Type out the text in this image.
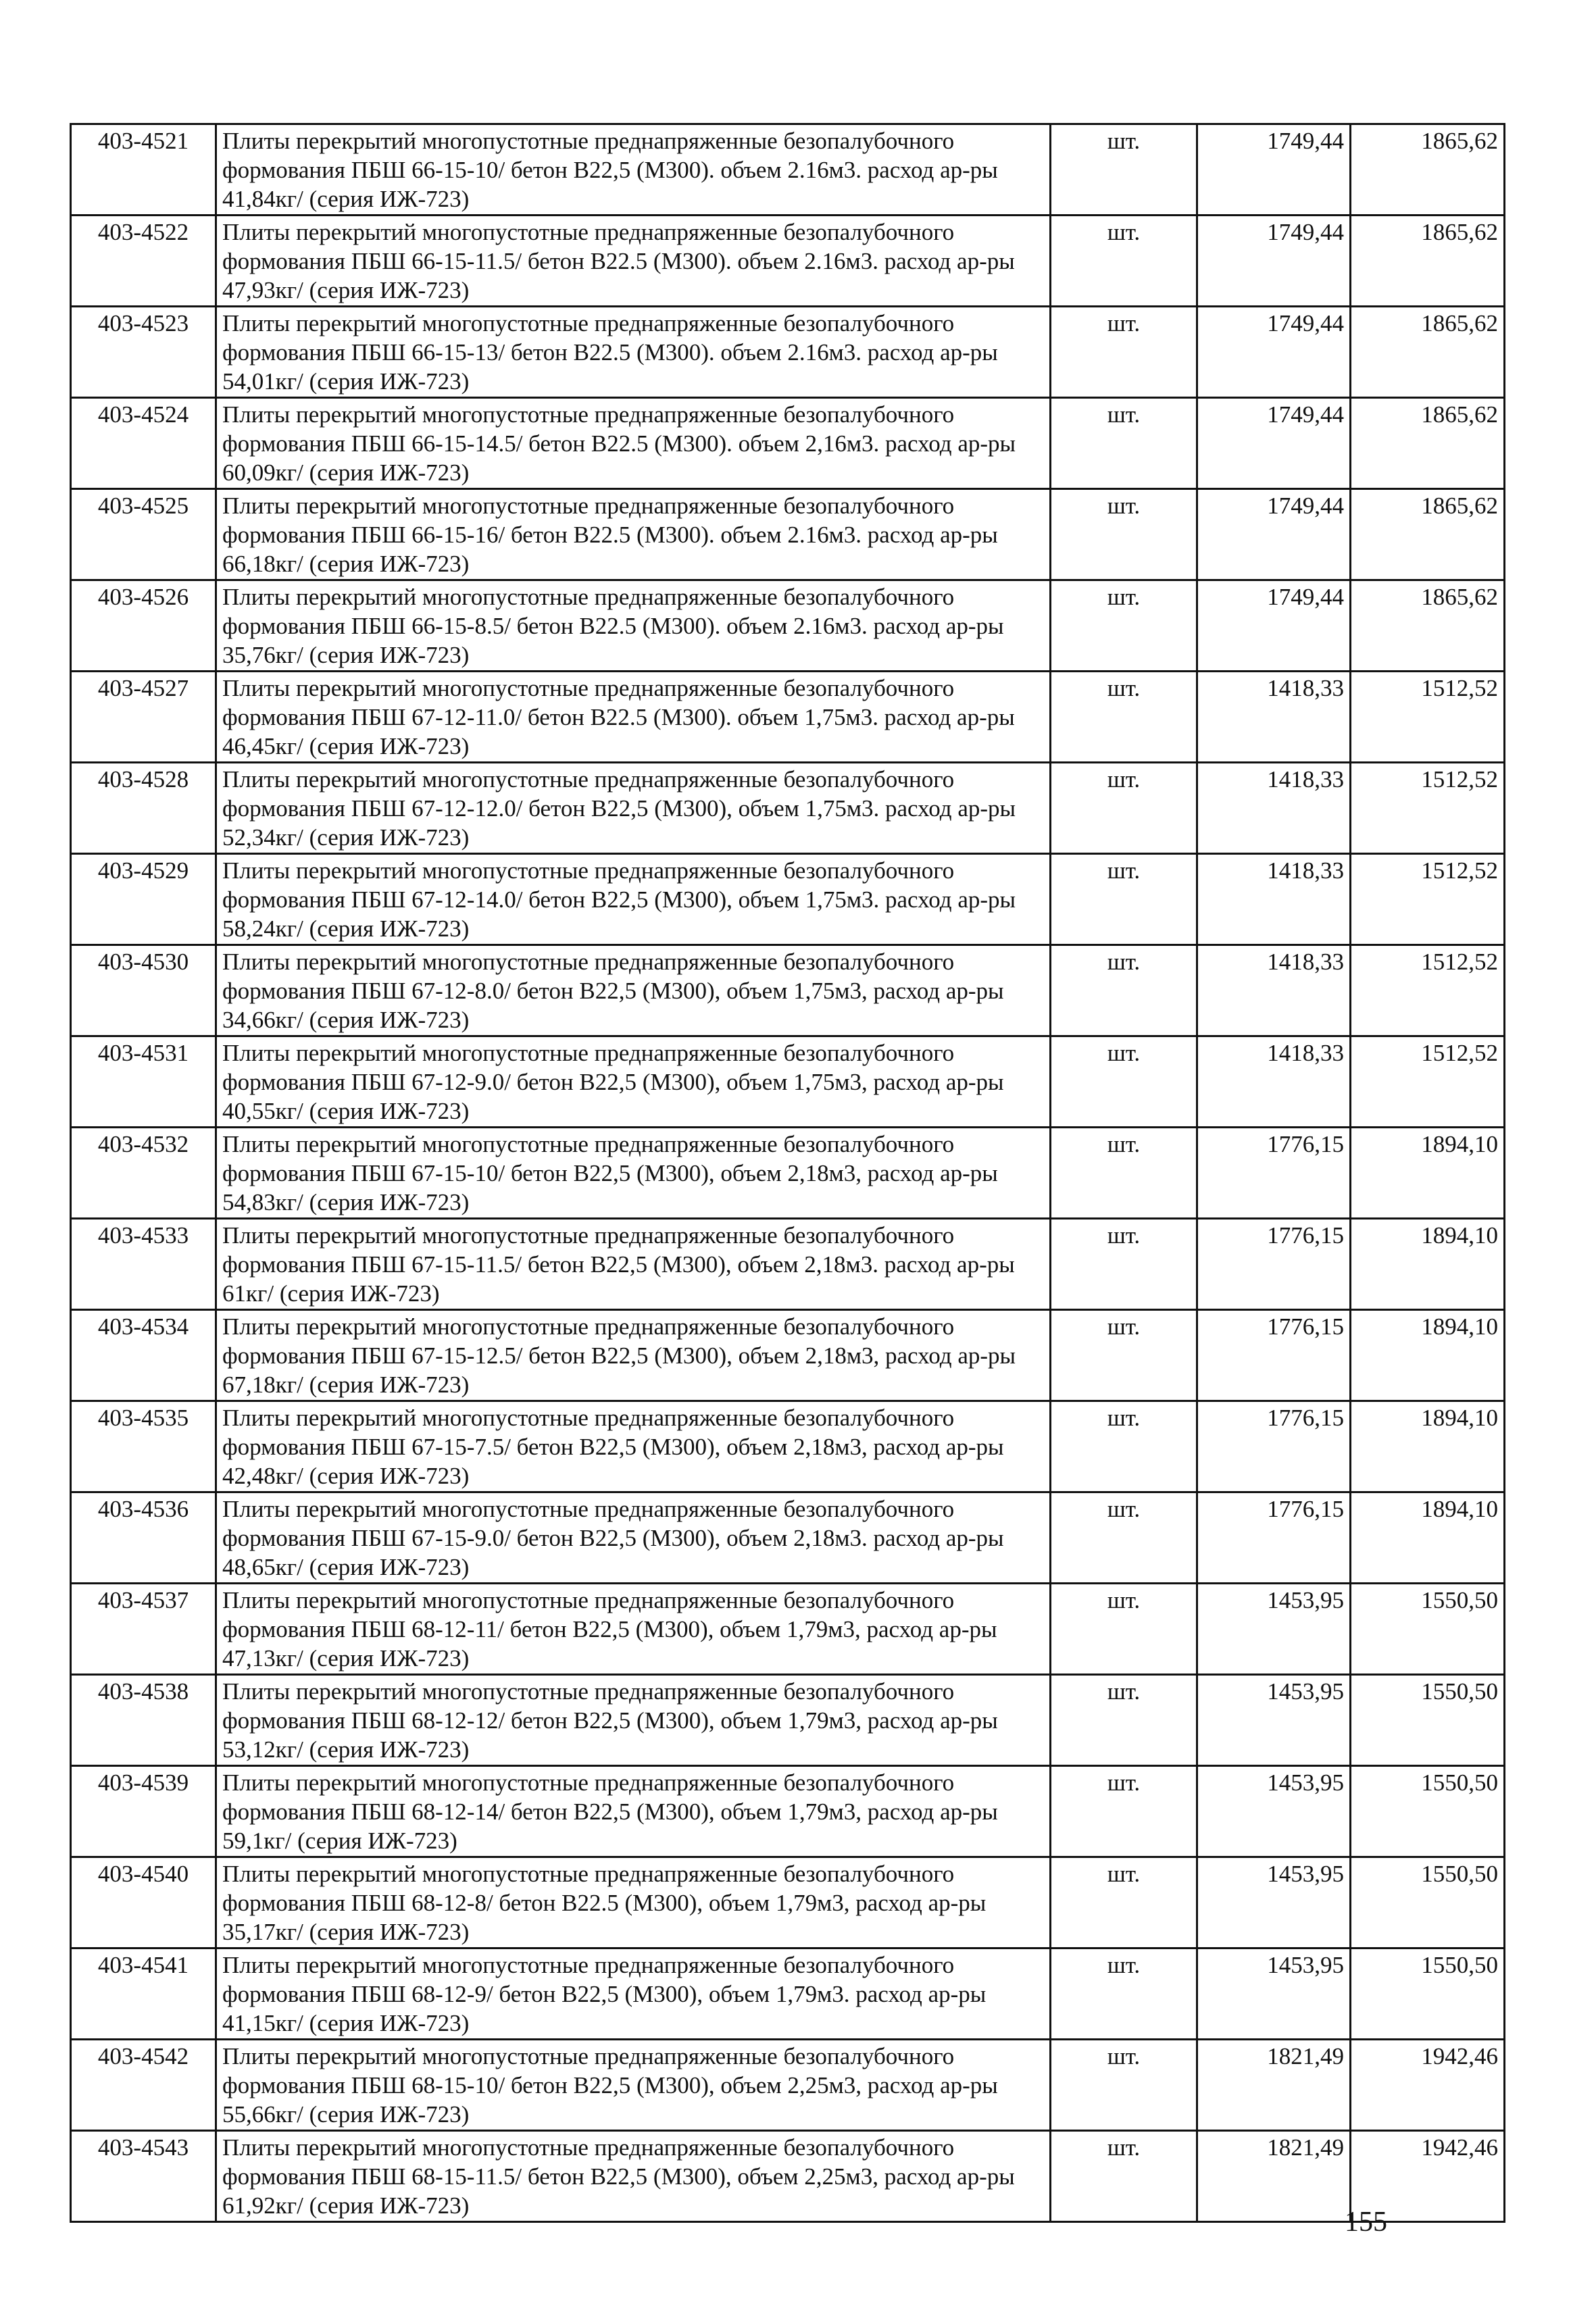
403-4521	Плиты перекрытий многопустотные преднапряженные безопалубочного формования ПБШ 66-15-10/ бетон В22,5 (М300). объем 2.16м3. расход ар-ры 41,84кг/ (серия ИЖ-723)	шт.	1749,44	1865,62
403-4522	Плиты перекрытий многопустотные преднапряженные безопалубочного формования ПБШ 66-15-11.5/ бетон В22.5 (М300). объем 2.16м3. расход ар-ры 47,93кг/ (серия ИЖ-723)	шт.	1749,44	1865,62
403-4523	Плиты перекрытий многопустотные преднапряженные безопалубочного формования ПБШ 66-15-13/ бетон В22.5 (М300). объем 2.16м3. расход ар-ры 54,01кг/ (серия ИЖ-723)	шт.	1749,44	1865,62
403-4524	Плиты перекрытий многопустотные преднапряженные безопалубочного формования ПБШ 66-15-14.5/ бетон В22.5 (М300). объем 2,16м3. расход ар-ры 60,09кг/ (серия ИЖ-723)	шт.	1749,44	1865,62
403-4525	Плиты перекрытий многопустотные преднапряженные безопалубочного формования ПБШ 66-15-16/ бетон В22.5 (М300). объем 2.16м3. расход ар-ры 66,18кг/ (серия ИЖ-723)	шт.	1749,44	1865,62
403-4526	Плиты перекрытий многопустотные преднапряженные безопалубочного формования ПБШ 66-15-8.5/ бетон В22.5 (М300). объем 2.16м3. расход ар-ры 35,76кг/ (серия ИЖ-723)	шт.	1749,44	1865,62
403-4527	Плиты перекрытий многопустотные преднапряженные безопалубочного формования ПБШ 67-12-11.0/ бетон В22.5 (М300). объем 1,75м3. расход ар-ры 46,45кг/ (серия ИЖ-723)	шт.	1418,33	1512,52
403-4528	Плиты перекрытий многопустотные преднапряженные безопалубочного формования ПБШ 67-12-12.0/ бетон В22,5 (М300), объем 1,75м3. расход ар-ры 52,34кг/ (серия ИЖ-723)	шт.	1418,33	1512,52
403-4529	Плиты перекрытий многопустотные преднапряженные безопалубочного формования ПБШ 67-12-14.0/ бетон В22,5 (М300), объем 1,75м3. расход ар-ры 58,24кг/ (серия ИЖ-723)	шт.	1418,33	1512,52
403-4530	Плиты перекрытий многопустотные преднапряженные безопалубочного формования ПБШ 67-12-8.0/ бетон В22,5 (М300), объем 1,75м3, расход ар-ры 34,66кг/ (серия ИЖ-723)	шт.	1418,33	1512,52
403-4531	Плиты перекрытий многопустотные преднапряженные безопалубочного формования ПБШ 67-12-9.0/ бетон В22,5 (М300), объем 1,75м3, расход ар-ры 40,55кг/ (серия ИЖ-723)	шт.	1418,33	1512,52
403-4532	Плиты перекрытий многопустотные преднапряженные безопалубочного формования ПБШ 67-15-10/ бетон В22,5 (М300), объем 2,18м3, расход ар-ры 54,83кг/ (серия ИЖ-723)	шт.	1776,15	1894,10
403-4533	Плиты перекрытий многопустотные преднапряженные безопалубочного формования ПБШ 67-15-11.5/ бетон В22,5 (М300), объем 2,18м3. расход ар-ры 61кг/ (серия ИЖ-723)	шт.	1776,15	1894,10
403-4534	Плиты перекрытий многопустотные преднапряженные безопалубочного формования ПБШ 67-15-12.5/ бетон В22,5 (М300), объем 2,18м3, расход ар-ры 67,18кг/ (серия ИЖ-723)	шт.	1776,15	1894,10
403-4535	Плиты перекрытий многопустотные преднапряженные безопалубочного формования ПБШ 67-15-7.5/ бетон В22,5 (М300), объем 2,18м3, расход ар-ры 42,48кг/ (серия ИЖ-723)	шт.	1776,15	1894,10
403-4536	Плиты перекрытий многопустотные преднапряженные безопалубочного формования ПБШ 67-15-9.0/ бетон В22,5 (М300), объем 2,18м3. расход ар-ры 48,65кг/ (серия ИЖ-723)	шт.	1776,15	1894,10
403-4537	Плиты перекрытий многопустотные преднапряженные безопалубочного формования ПБШ 68-12-11/ бетон В22,5 (М300), объем 1,79м3, расход ар-ры 47,13кг/ (серия ИЖ-723)	шт.	1453,95	1550,50
403-4538	Плиты перекрытий многопустотные преднапряженные безопалубочного формования ПБШ 68-12-12/ бетон В22,5 (М300), объем 1,79м3, расход ар-ры 53,12кг/ (серия ИЖ-723)	шт.	1453,95	1550,50
403-4539	Плиты перекрытий многопустотные преднапряженные безопалубочного формования ПБШ 68-12-14/ бетон В22,5 (М300), объем 1,79м3, расход ар-ры 59,1кг/ (серия ИЖ-723)	шт.	1453,95	1550,50
403-4540	Плиты перекрытий многопустотные преднапряженные безопалубочного формования ПБШ 68-12-8/ бетон В22.5 (М300), объем 1,79м3, расход ар-ры 35,17кг/ (серия ИЖ-723)	шт.	1453,95	1550,50
403-4541	Плиты перекрытий многопустотные преднапряженные безопалубочного формования ПБШ 68-12-9/ бетон В22,5 (М300), объем 1,79м3. расход ар-ры 41,15кг/ (серия ИЖ-723)	шт.	1453,95	1550,50
403-4542	Плиты перекрытий многопустотные преднапряженные безопалубочного формования ПБШ 68-15-10/ бетон В22,5 (М300), объем 2,25м3, расход ар-ры 55,66кг/ (серия ИЖ-723)	шт.	1821,49	1942,46
403-4543	Плиты перекрытий многопустотные преднапряженные безопалубочного формования ПБШ 68-15-11.5/ бетон В22,5 (М300), объем 2,25м3, расход ар-ры 61,92кг/ (серия ИЖ-723)	шт.	1821,49	1942,46
155
